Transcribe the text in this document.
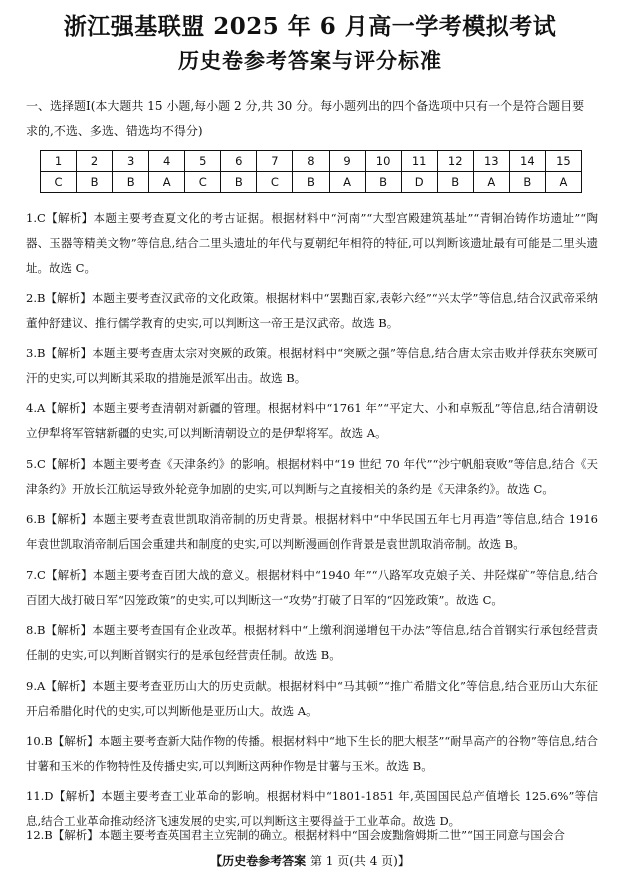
浙江强基联盟 2025 年 6 月高一学考模拟考试
历史卷参考答案与评分标准

一、选择题Ⅰ(本大题共 15 小题,每小题 2 分,共 30 分。每小题列出的四个备选项中只有一个是符合题目要求的,不选、多选、错选均不得分)

1	2	3	4	5	6	7	8	9	10	11	12	13	14	15
C	B	B	A	C	B	C	B	A	B	D	B	A	B	A

1.C【解析】本题主要考查夏文化的考古证据。根据材料中“河南”“大型宫殿建筑基址”“青铜冶铸作坊遗址”“陶器、玉器等精美文物”等信息,结合二里头遗址的年代与夏朝纪年相符的特征,可以判断该遗址最有可能是二里头遗址。故选 C。

2.B【解析】本题主要考查汉武帝的文化政策。根据材料中“罢黜百家,表彰六经”“兴太学”等信息,结合汉武帝采纳董仲舒建议、推行儒学教育的史实,可以判断这一帝王是汉武帝。故选 B。

3.B【解析】本题主要考查唐太宗对突厥的政策。根据材料中“突厥之强”等信息,结合唐太宗击败并俘获东突厥可汗的史实,可以判断其采取的措施是派军出击。故选 B。

4.A【解析】本题主要考查清朝对新疆的管理。根据材料中“1761 年”“平定大、小和卓叛乱”等信息,结合清朝设立伊犁将军管辖新疆的史实,可以判断清朝设立的是伊犁将军。故选 A。

5.C【解析】本题主要考查《天津条约》的影响。根据材料中“19 世纪 70 年代”“沙宁帆船衰败”等信息,结合《天津条约》开放长江航运导致外轮竞争加剧的史实,可以判断与之直接相关的条约是《天津条约》。故选 C。

6.B【解析】本题主要考查袁世凯取消帝制的历史背景。根据材料中“中华民国五年七月再造”等信息,结合 1916 年袁世凯取消帝制后国会重建共和制度的史实,可以判断漫画创作背景是袁世凯取消帝制。故选 B。

7.C【解析】本题主要考查百团大战的意义。根据材料中“1940 年”“八路军攻克娘子关、井陉煤矿”等信息,结合百团大战打破日军“囚笼政策”的史实,可以判断这一“攻势”打破了日军的“囚笼政策”。故选 C。

8.B【解析】本题主要考查国有企业改革。根据材料中“上缴利润递增包干办法”等信息,结合首钢实行承包经营责任制的史实,可以判断首钢实行的是承包经营责任制。故选 B。

9.A【解析】本题主要考查亚历山大的历史贡献。根据材料中“马其顿”“推广希腊文化”等信息,结合亚历山大东征开启希腊化时代的史实,可以判断他是亚历山大。故选 A。

10.B【解析】本题主要考查新大陆作物的传播。根据材料中“地下生长的肥大根茎”“耐旱高产的谷物”等信息,结合甘薯和玉米的作物特性及传播史实,可以判断这两种作物是甘薯与玉米。故选 B。

11.D【解析】本题主要考查工业革命的影响。根据材料中“1801-1851 年,英国国民总产值增长 125.6%”等信息,结合工业革命推动经济飞速发展的史实,可以判断这主要得益于工业革命。故选 D。

12.B【解析】本题主要考查英国君主立宪制的确立。根据材料中“国会废黜詹姆斯二世”“国王同意与国会合

【历史卷参考答案 第 1 页(共 4 页)】
